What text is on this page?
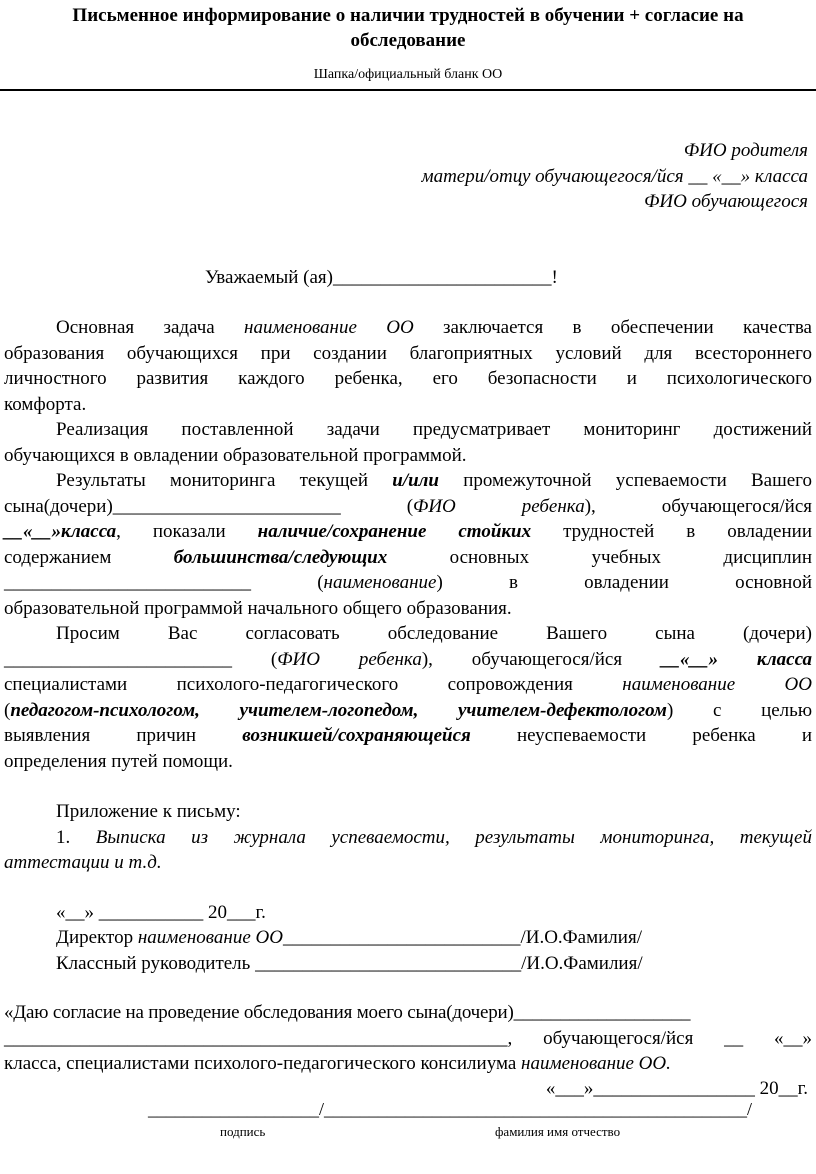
Письменное информирование о наличии трудностей в обучении + согласие на
обследование
Шапка/официальный бланк ОО
ФИО родителя
матери/отцу обучающегося/йся __ «__» класса
ФИО обучающегося
Уважаемый (ая)_______________________!
Основная задача наименование ОО заключается в обеспечении качества
образования обучающихся при создании благоприятных условий для всестороннего
личностного развития каждого ребенка, его безопасности и психологического
комфорта.
Реализация поставленной задачи предусматривает мониторинг достижений
обучающихся в овладении образовательной программой.
Результаты мониторинга текущей и/или промежуточной успеваемости Вашего
сына(дочери)________________________ (ФИО ребенка), обучающегося/йся
__«__»класса, показали наличие/сохранение стойких трудностей в овладении
содержанием большинства/следующих основных учебных дисциплин
__________________________ (наименование) в овладении основной
образовательной программой начального общего образования.
Просим Вас согласовать обследование Вашего сына (дочери)
________________________ (ФИО ребенка), обучающегося/йся __«__» класса
специалистами психолого-педагогического сопровождения наименование ОО
(педагогом-психологом, учителем-логопедом, учителем-дефектологом) с целью
выявления причин возникшей/сохраняющейся неуспеваемости ребенка и
определения путей помощи.
Приложение к письму:
1. Выписка из журнала успеваемости, результаты мониторинга, текущей
аттестации и т.д.
«__» ___________ 20___г.
Директор наименование ОО_________________________/И.О.Фамилия/
Классный руководитель ____________________________/И.О.Фамилия/
«Даю согласие на проведение обследования моего сына(дочери)___________________
_____________________________________________________, обучающегося/йся __ «__»
класса, специалистами психолого-педагогического консилиума наименование ОО.
«___»_________________ 20__г.
___________________/_______________________________________________/
подпись	фамилия имя отчество
